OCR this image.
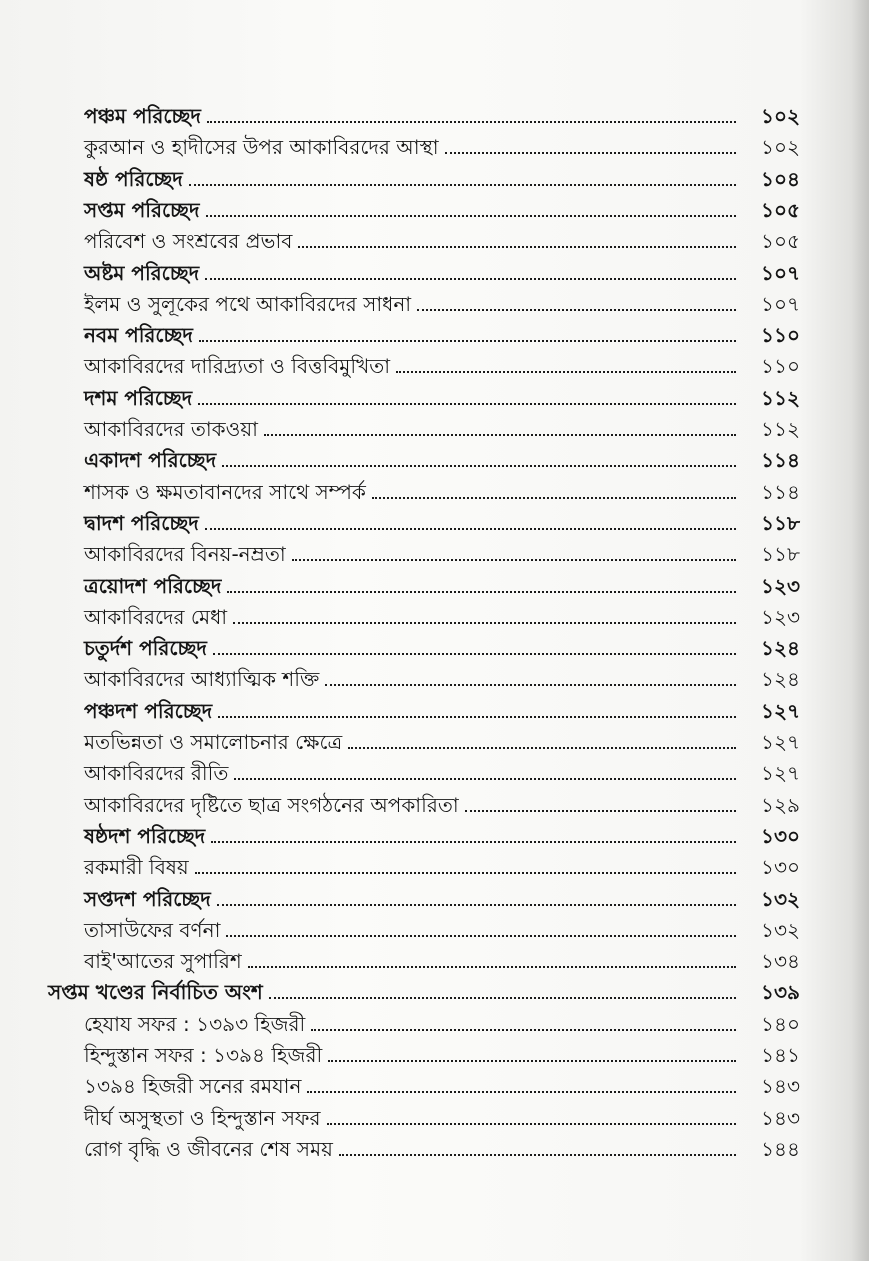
পঞ্চম পরিচ্ছেদ	১০২
কুরআন ও হাদীসের উপর আকাবিরদের আস্থা	১০২
ষষ্ঠ পরিচ্ছেদ	১০৪
সপ্তম পরিচ্ছেদ	১০৫
পরিবেশ ও সংশ্রবের প্রভাব	১০৫
অষ্টম পরিচ্ছেদ	১০৭
ইলম ও সুলূকের পথে আকাবিরদের সাধনা	১০৭
নবম পরিচ্ছেদ	১১০
আকাবিরদের দারিদ্র্যতা ও বিত্তবিমুখিতা	১১০
দশম পরিচ্ছেদ	১১২
আকাবিরদের তাকওয়া	১১২
একাদশ পরিচ্ছেদ	১১৪
শাসক ও ক্ষমতাবানদের সাথে সম্পর্ক	১১৪
দ্বাদশ পরিচ্ছেদ	১১৮
আকাবিরদের বিনয়-নম্রতা	১১৮
ত্রয়োদশ পরিচ্ছেদ	১২৩
আকাবিরদের মেধা	১২৩
চতুর্দশ পরিচ্ছেদ	১২৪
আকাবিরদের আধ্যাত্মিক শক্তি	১২৪
পঞ্চদশ পরিচ্ছেদ	১২৭
মতভিন্নতা ও সমালোচনার ক্ষেত্রে	১২৭
আকাবিরদের রীতি	১২৭
আকাবিরদের দৃষ্টিতে ছাত্র সংগঠনের অপকারিতা	১২৯
ষষ্ঠদশ পরিচ্ছেদ	১৩০
রকমারী বিষয়	১৩০
সপ্তদশ পরিচ্ছেদ	১৩২
তাসাউফের বর্ণনা	১৩২
বাই'আতের সুপারিশ	১৩৪
সপ্তম খণ্ডের নির্বাচিত অংশ	১৩৯
হেযায সফর : ১৩৯৩ হিজরী	১৪০
হিন্দুস্তান সফর : ১৩৯৪ হিজরী	১৪১
১৩৯৪ হিজরী সনের রমযান	১৪৩
দীর্ঘ অসুস্থতা ও হিন্দুস্তান সফর	১৪৩
রোগ বৃদ্ধি ও জীবনের শেষ সময়	১৪৪
